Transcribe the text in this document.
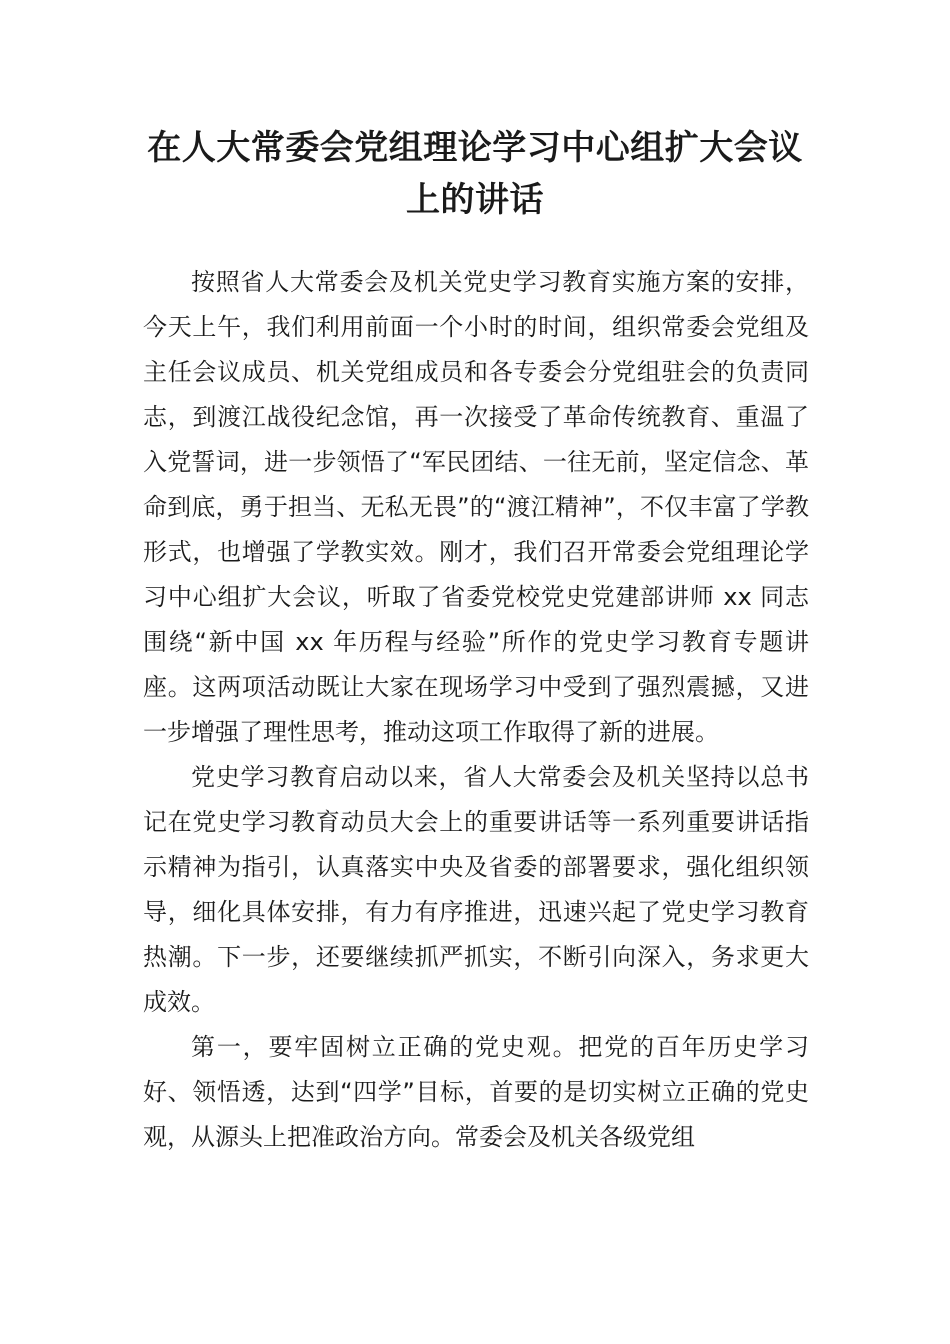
在人大常委会党组理论学习中心组扩大会议上的讲话

按照省人大常委会及机关党史学习教育实施方案的安排，今天上午，我们利用前面一个小时的时间，组织常委会党组及主任会议成员、机关党组成员和各专委会分党组驻会的负责同志，到渡江战役纪念馆，再一次接受了革命传统教育、重温了入党誓词，进一步领悟了“军民团结、一往无前，坚定信念、革命到底，勇于担当、无私无畏”的“渡江精神”，不仅丰富了学教形式，也增强了学教实效。刚才，我们召开常委会党组理论学习中心组扩大会议，听取了省委党校党史党建部讲师 xx 同志围绕“新中国 xx 年历程与经验”所作的党史学习教育专题讲座。这两项活动既让大家在现场学习中受到了强烈震撼，又进一步增强了理性思考，推动这项工作取得了新的进展。

党史学习教育启动以来，省人大常委会及机关坚持以总书记在党史学习教育动员大会上的重要讲话等一系列重要讲话指示精神为指引，认真落实中央及省委的部署要求，强化组织领导，细化具体安排，有力有序推进，迅速兴起了党史学习教育热潮。下一步，还要继续抓严抓实，不断引向深入，务求更大成效。

第一，要牢固树立正确的党史观。把党的百年历史学习好、领悟透，达到“四学”目标，首要的是切实树立正确的党史观，从源头上把准政治方向。常委会及机关各级党组
